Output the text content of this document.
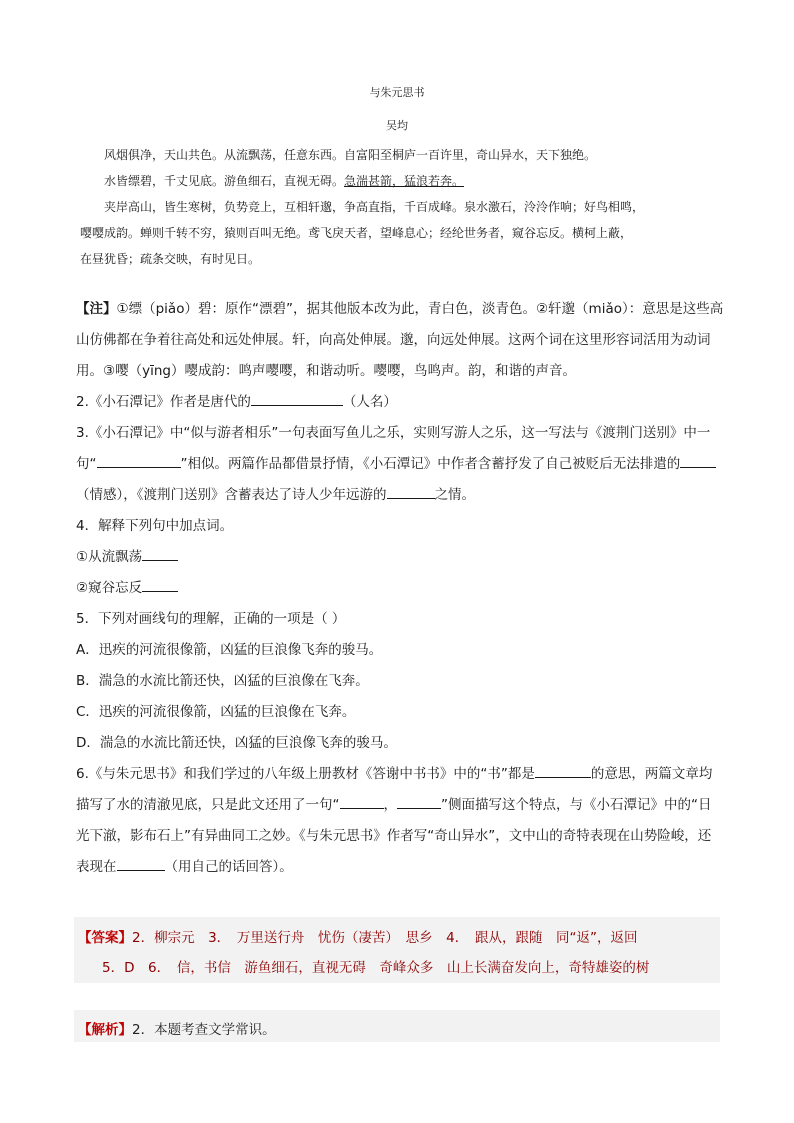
与朱元思书
吴均

风烟俱净，天山共色。从流飘荡，任意东西。自富阳至桐庐一百许里，奇山异水，天下独绝。

水皆缥碧，千丈见底。游鱼细石，直视无碍。急湍甚箭，猛浪若奔。

夹岸高山，皆生寒树，负势竞上，互相轩邈，争高直指，千百成峰。泉水激石，泠泠作响；好鸟相鸣，

嘤嘤成韵。蝉则千转不穷，猿则百叫无绝。鸢飞戾天者，望峰息心；经纶世务者，窥谷忘反。横柯上蔽，

在昼犹昏；疏条交映，有时见日。

【注】①缥（piǎo）碧：原作“漂碧”，据其他版本改为此，青白色，淡青色。②轩邈（miǎo）：意思是这些高山仿佛都在争着往高处和远处伸展。轩，向高处伸展。邈，向远处伸展。这两个词在这里形容词活用为动词用。③嘤（yīng）嘤成韵：鸣声嘤嘤，和谐动听。嘤嘤，鸟鸣声。韵，和谐的声音。

2.《小石潭记》作者是唐代的	（人名）

3.《小石潭记》中“似与游者相乐”一句表面写鱼儿之乐，实则写游人之乐，这一写法与《渡荆门送别》中一句“	”相似。两篇作品都借景抒情，《小石潭记》中作者含蓄抒发了自己被贬后无法排遣的（情感），《渡荆门送别》含蓄表达了诗人少年远游的	之情。

4．解释下列句中加点词。

①从流飘荡

②窥谷忘反

5．下列对画线句的理解，正确的一项是（ ）

A．迅疾的河流很像箭，凶猛的巨浪像飞奔的骏马。

B．湍急的水流比箭还快，凶猛的巨浪像在飞奔。

C．迅疾的河流很像箭，凶猛的巨浪像在飞奔。

D．湍急的水流比箭还快，凶猛的巨浪像飞奔的骏马。

6.《与朱元思书》和我们学过的八年级上册教材《答谢中书书》中的“书”都是	的意思，两篇文章均描写了水的清澈见底，只是此文还用了一句“	，	”侧面描写这个特点，与《小石潭记》中的“日光下澈，影布石上”有异曲同工之妙。《与朱元思书》作者写“奇山异水”，文中山的奇特表现在山势险峻，还表现在	（用自己的话回答）。

【答案】2．柳宗元　3．　万里送行舟　忧伤（凄苦）　思乡　4．　跟从，跟随　同“返”，返回
5．D　6．　信，书信　游鱼细石，直视无碍　奇峰众多　山上长满奋发向上，奇特雄姿的树
【解析】2．本题考查文学常识。
